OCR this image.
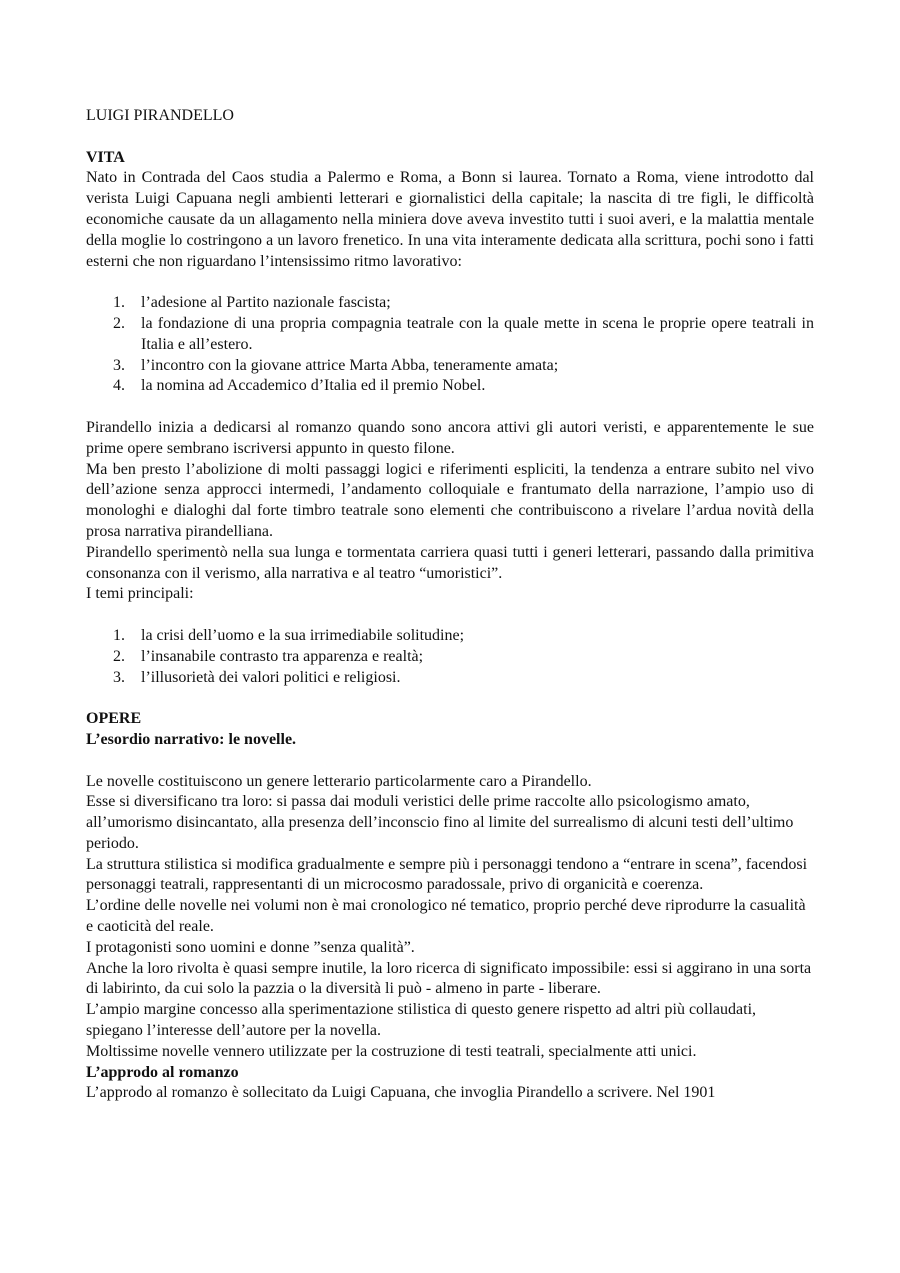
LUIGI PIRANDELLO

VITA

Nato in Contrada del Caos studia a Palermo e Roma, a Bonn si laurea. Tornato a Roma, viene introdotto dal verista Luigi Capuana negli ambienti letterari e giornalistici della capitale; la nascita di tre figli, le difficoltà economiche causate da un allagamento nella miniera dove aveva investito tutti i suoi averi, e la malattia mentale della moglie lo costringono a un lavoro frenetico. In una vita interamente dedicata alla scrittura, pochi sono i fatti esterni che non riguardano l’intensissimo ritmo lavorativo:

1. l’adesione al Partito nazionale fascista;
2. la fondazione di una propria compagnia teatrale con la quale mette in scena le proprie opere teatrali in Italia e all’estero.
3. l’incontro con la giovane attrice Marta Abba, teneramente amata;
4. la nomina ad Accademico d’Italia ed il premio Nobel.

Pirandello inizia a dedicarsi al romanzo quando sono ancora attivi gli autori veristi, e apparentemente le sue prime opere sembrano iscriversi appunto in questo filone.

Ma ben presto l’abolizione di molti passaggi logici e riferimenti espliciti, la tendenza a entrare subito nel vivo dell’azione senza approcci intermedi, l’andamento colloquiale e frantumato della narrazione, l’ampio uso di monologhi e dialoghi dal forte timbro teatrale sono elementi che contribuiscono a rivelare l’ardua novità della prosa narrativa pirandelliana.

Pirandello sperimentò nella sua lunga e tormentata carriera quasi tutti i generi letterari, passando dalla primitiva consonanza con il verismo, alla narrativa e al teatro “umoristici”.

I temi principali:

1. la crisi dell’uomo e la sua irrimediabile solitudine;
2. l’insanabile contrasto tra apparenza e realtà;
3. l’illusorietà dei valori politici e religiosi.

OPERE

L’esordio narrativo: le novelle.

Le novelle costituiscono un genere letterario particolarmente caro a Pirandello.

Esse si diversificano tra loro: si passa dai moduli veristici delle prime raccolte allo psicologismo amato, all’umorismo disincantato, alla presenza dell’inconscio fino al limite del surrealismo di alcuni testi dell’ultimo periodo.

La struttura stilistica si modifica gradualmente e sempre più i personaggi tendono a “entrare in scena”, facendosi personaggi teatrali, rappresentanti di un microcosmo paradossale, privo di organicità e coerenza.

L’ordine delle novelle nei volumi non è mai cronologico né tematico, proprio perché deve riprodurre la casualità e caoticità del reale.

I protagonisti sono uomini e donne ”senza qualità”.

Anche la loro rivolta è quasi sempre inutile, la loro ricerca di significato impossibile: essi si aggirano in una sorta di labirinto, da cui solo la pazzia o la diversità li può - almeno in parte - liberare.

L’ampio margine concesso alla sperimentazione stilistica di questo genere rispetto ad altri più collaudati, spiegano l’interesse dell’autore per la novella.

Moltissime novelle vennero utilizzate per la costruzione di testi teatrali, specialmente atti unici.

L’approdo al romanzo

L’approdo al romanzo è sollecitato da Luigi Capuana, che invoglia Pirandello a scrivere. Nel 1901
